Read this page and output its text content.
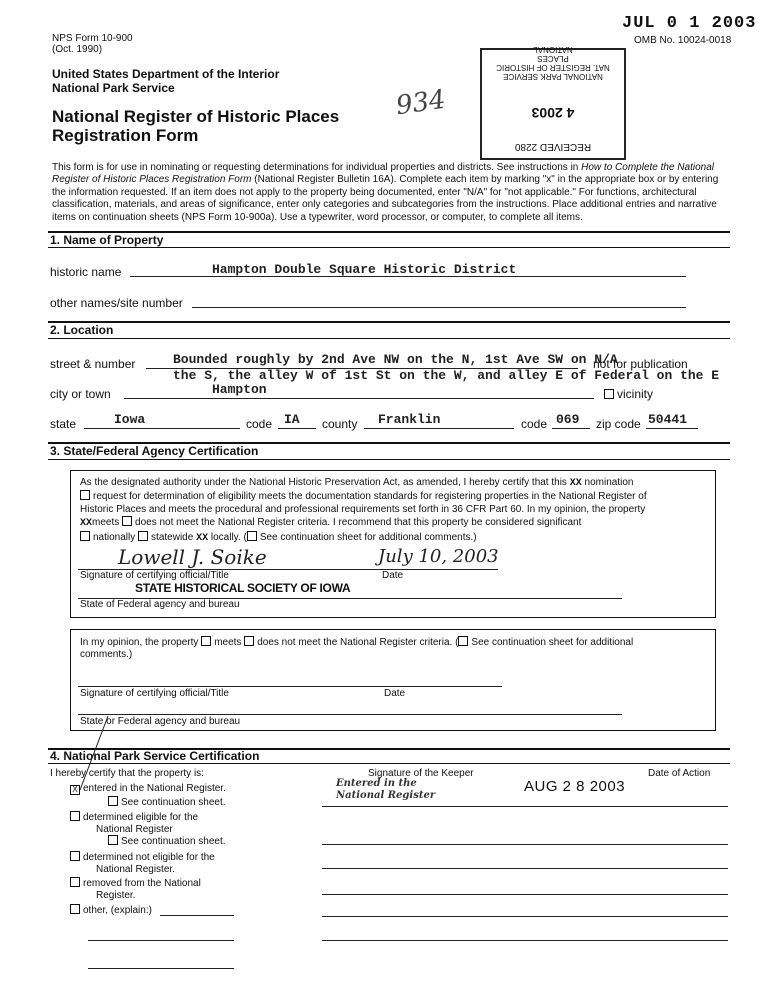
NPS Form 10-900
(Oct. 1990)
JUL 0 1 2003
OMB No. 10024-0018
United States Department of the Interior
National Park Service
National Register of Historic Places
Registration Form
934
RECEIVED 2280
4 2003
NATIONAL PARK SERVICE
NAT. REGISTER OF HISTORIC PLACES
NATIONAL
This form is for use in nominating or requesting determinations for individual properties and districts. See instructions in How to Complete the National Register of Historic Places Registration Form (National Register Bulletin 16A). Complete each item by marking "x" in the appropriate box or by entering the information requested. If an item does not apply to the property being documented, enter "N/A" for "not applicable." For functions, architectural classification, materials, and areas of significance, enter only categories and subcategories from the instructions. Place additional entries and narrative items on continuation sheets (NPS Form 10-900a). Use a typewriter, word processor, or computer, to complete all items.
1. Name of Property
historic name	Hampton Double Square Historic District
other names/site number
2. Location
street & number	Bounded roughly by 2nd Ave NW on the N, 1st Ave SW on N/A
not for publication
the S, the alley W of 1st St on the W, and alley E of Federal on the E
city or town	Hampton	vicinity
state	Iowa	code IA county Franklin	code 069 zip code 50441
3. State/Federal Agency Certification
As the designated authority under the National Historic Preservation Act, as amended, I hereby certify that this XX nomination
request for determination of eligibility meets the documentation standards for registering properties in the National Register of
Historic Places and meets the procedural and professional requirements set forth in 36 CFR Part 60. In my opinion, the property
XXmeets does not meet the National Register criteria. I recommend that this property be considered significant
nationally statewide XX locally. ( See continuation sheet for additional comments.)
Lowell J. Soike	July 10, 2003
Signature of certifying official/Title	Date
STATE HISTORICAL SOCIETY OF IOWA
State of Federal agency and bureau
In my opinion, the property meets does not meet the National Register criteria. ( See continuation sheet for additional
comments.)
Signature of certifying official/Title	Date
State or Federal agency and bureau
4. National Park Service Certification
I hereby certify that the property is:	Signature of the Keeper	Date of Action
X entered in the National Register.
See continuation sheet.
Entered in the
National Register
AUG 2 8 2003
determined eligible for the
National Register
See continuation sheet.
determined not eligible for the
National Register.
removed from the National
Register.
other, (explain:)
